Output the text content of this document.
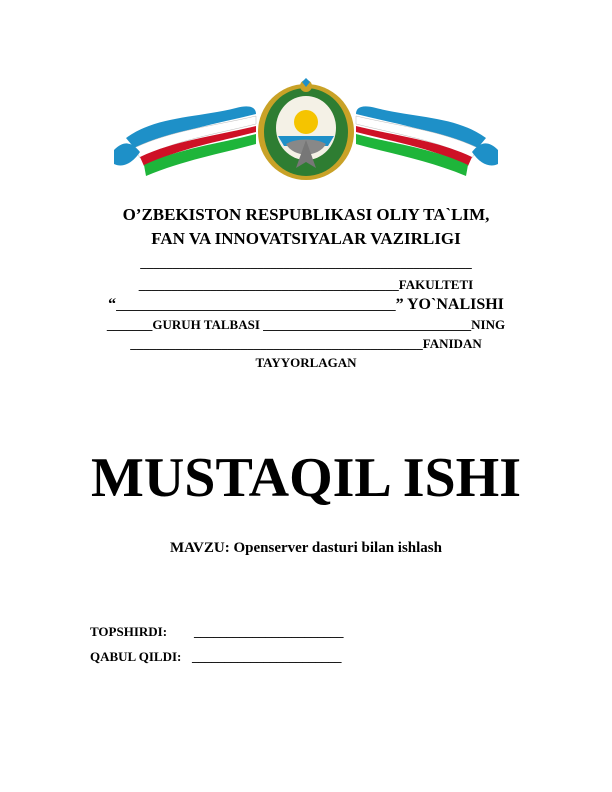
O’ZBEKISTON RESPUBLIKASI OLIY TA`LIM,
FAN VA INNOVATSIYALAR VAZIRLIGI
___________________________________________________
________________________________________FAKULTETI
“___________________________________________” YO`NALISHI
_______GURUH TALBASI ________________________________NING
_____________________________________________FANIDAN
TAYYORLAGAN
MUSTAQIL ISHI
MAVZU: Openserver dasturi bilan ishlash
TOPSHIRDI: _______________________
QABUL QILDI: _______________________
